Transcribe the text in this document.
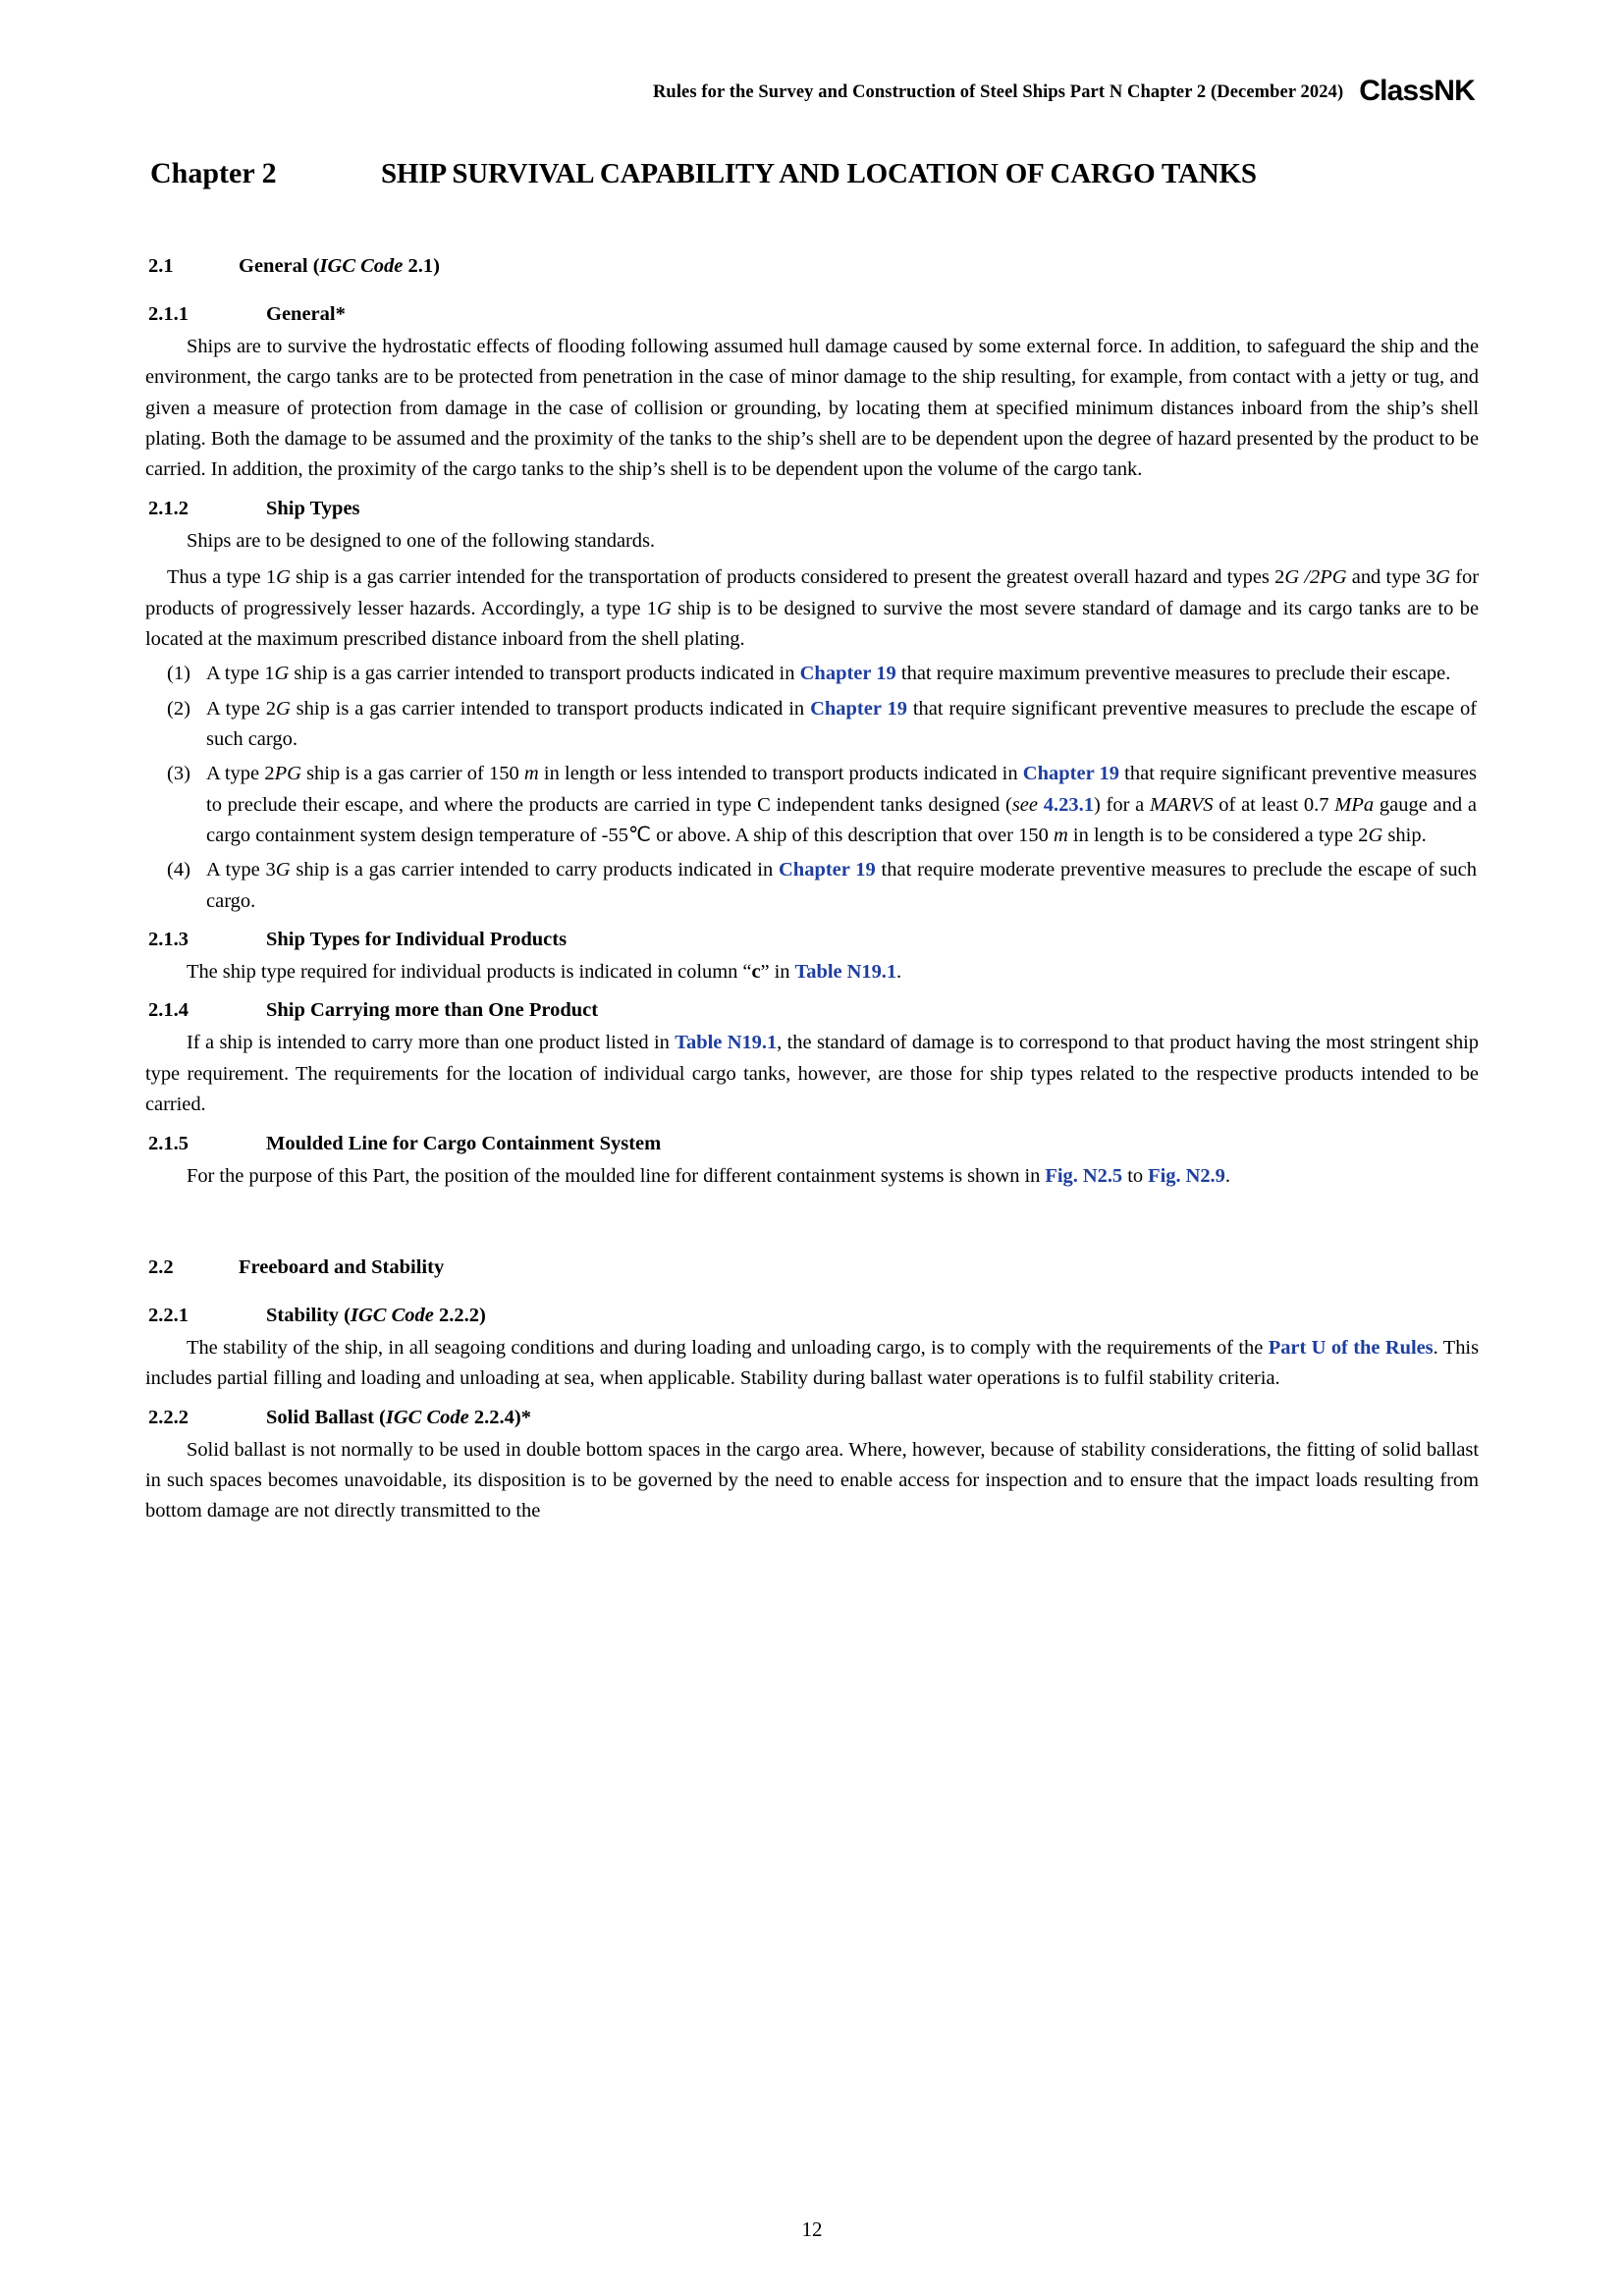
Rules for the Survey and Construction of Steel Ships Part N Chapter 2 (December 2024) ClassNK
Chapter 2	SHIP SURVIVAL CAPABILITY AND LOCATION OF CARGO TANKS
2.1	General (IGC Code 2.1)
2.1.1	General*

Ships are to survive the hydrostatic effects of flooding following assumed hull damage caused by some external force. In addition, to safeguard the ship and the environment, the cargo tanks are to be protected from penetration in the case of minor damage to the ship resulting, for example, from contact with a jetty or tug, and given a measure of protection from damage in the case of collision or grounding, by locating them at specified minimum distances inboard from the ship’s shell plating. Both the damage to be assumed and the proximity of the tanks to the ship’s shell are to be dependent upon the degree of hazard presented by the product to be carried. In addition, the proximity of the cargo tanks to the ship’s shell is to be dependent upon the volume of the cargo tank.

2.1.2	Ship Types

Ships are to be designed to one of the following standards.

Thus a type 1G ship is a gas carrier intended for the transportation of products considered to present the greatest overall hazard and types 2G /2PG and type 3G for products of progressively lesser hazards. Accordingly, a type 1G ship is to be designed to survive the most severe standard of damage and its cargo tanks are to be located at the maximum prescribed distance inboard from the shell plating.

(1) A type 1G ship is a gas carrier intended to transport products indicated in Chapter 19 that require maximum preventive measures to preclude their escape.
(2) A type 2G ship is a gas carrier intended to transport products indicated in Chapter 19 that require significant preventive measures to preclude the escape of such cargo.
(3) A type 2PG ship is a gas carrier of 150 m in length or less intended to transport products indicated in Chapter 19 that require significant preventive measures to preclude their escape, and where the products are carried in type C independent tanks designed (see 4.23.1) for a MARVS of at least 0.7 MPa gauge and a cargo containment system design temperature of -55℃ or above. A ship of this description that over 150 m in length is to be considered a type 2G ship.
(4) A type 3G ship is a gas carrier intended to carry products indicated in Chapter 19 that require moderate preventive measures to preclude the escape of such cargo.
2.1.3	Ship Types for Individual Products

The ship type required for individual products is indicated in column “c” in Table N19.1.

2.1.4	Ship Carrying more than One Product

If a ship is intended to carry more than one product listed in Table N19.1, the standard of damage is to correspond to that product having the most stringent ship type requirement. The requirements for the location of individual cargo tanks, however, are those for ship types related to the respective products intended to be carried.

2.1.5	Moulded Line for Cargo Containment System

For the purpose of this Part, the position of the moulded line for different containment systems is shown in Fig. N2.5 to Fig. N2.9.

2.2	Freeboard and Stability
2.2.1	Stability (IGC Code 2.2.2)

The stability of the ship, in all seagoing conditions and during loading and unloading cargo, is to comply with the requirements of the Part U of the Rules. This includes partial filling and loading and unloading at sea, when applicable. Stability during ballast water operations is to fulfil stability criteria.

2.2.2	Solid Ballast (IGC Code 2.2.4)*

Solid ballast is not normally to be used in double bottom spaces in the cargo area. Where, however, because of stability considerations, the fitting of solid ballast in such spaces becomes unavoidable, its disposition is to be governed by the need to enable access for inspection and to ensure that the impact loads resulting from bottom damage are not directly transmitted to the

12
